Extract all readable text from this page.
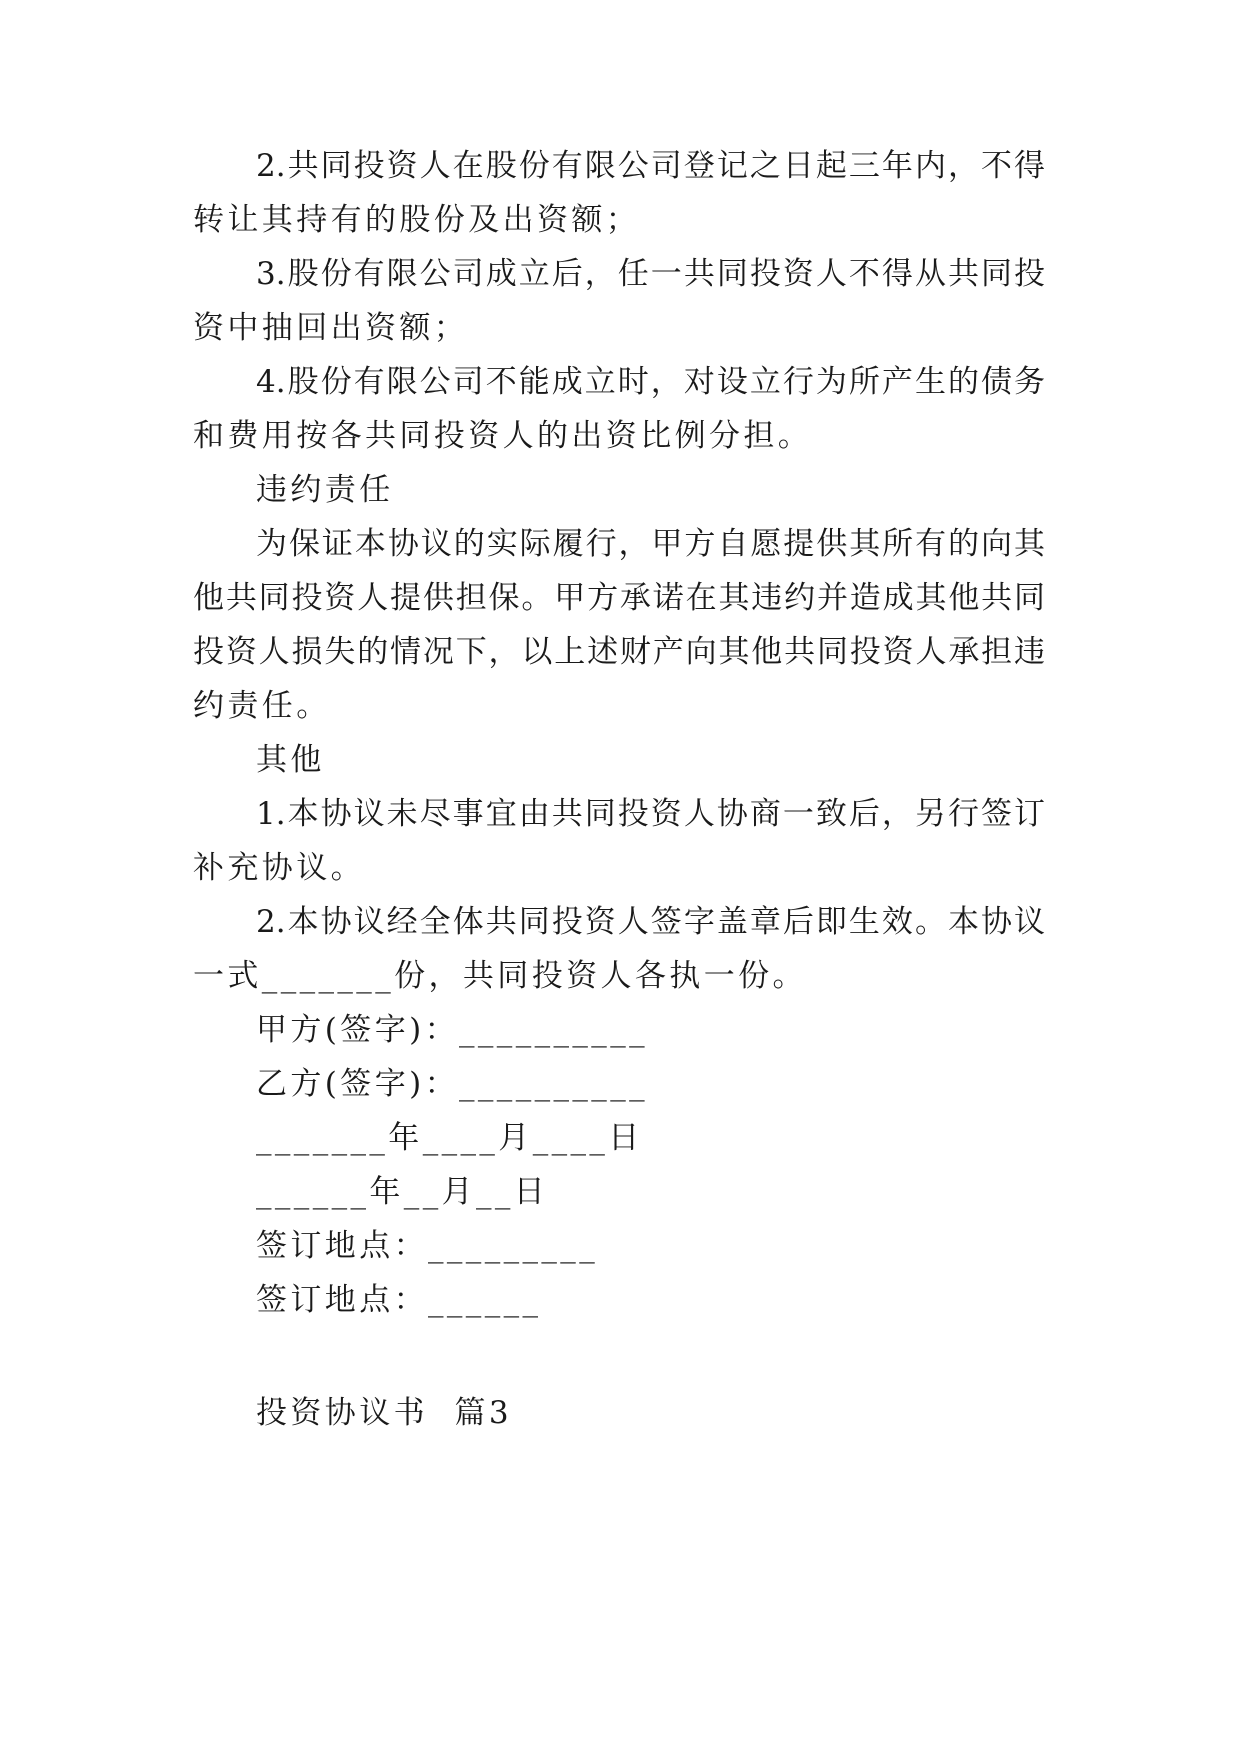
2.共同投资人在股份有限公司登记之日起三年内，不得
转让其持有的股份及出资额；
3.股份有限公司成立后，任一共同投资人不得从共同投
资中抽回出资额；
4.股份有限公司不能成立时，对设立行为所产生的债务
和费用按各共同投资人的出资比例分担。
违约责任
为保证本协议的实际履行，甲方自愿提供其所有的向其
他共同投资人提供担保。甲方承诺在其违约并造成其他共同
投资人损失的情况下，以上述财产向其他共同投资人承担违
约责任。
其他
1.本协议未尽事宜由共同投资人协商一致后，另行签订
补充协议。
2.本协议经全体共同投资人签字盖章后即生效。本协议
一式_______份，共同投资人各执一份。
甲方(签字)：__________
乙方(签字)：__________
_______年____月____日
______年__月__日
签订地点：_________
签订地点：______
投资协议书  篇3
